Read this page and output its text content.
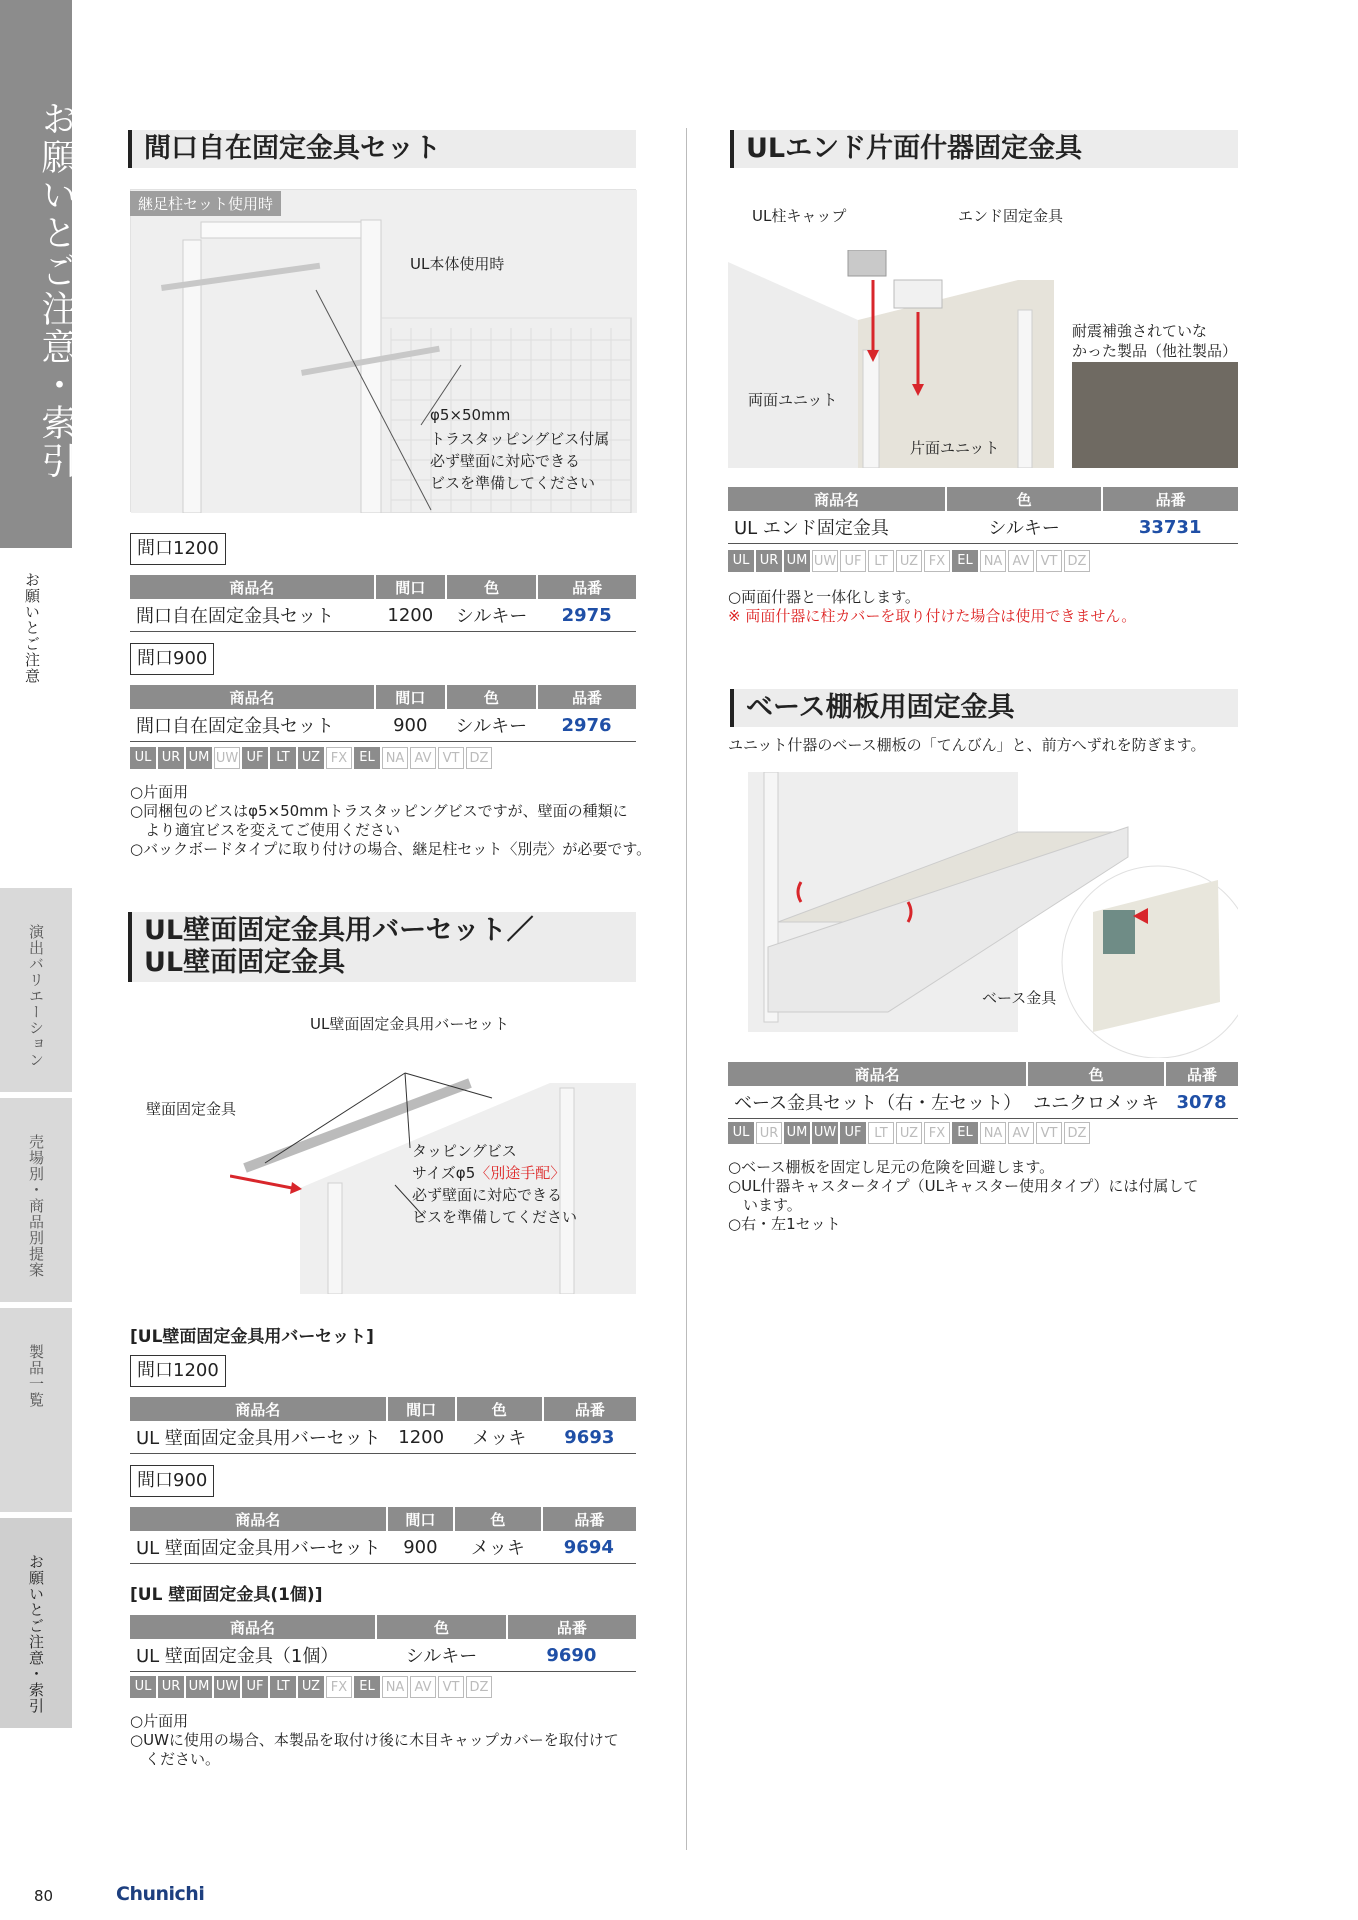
お願いとご注意・索引
お願いとご注意
演出バリエーション
売場別・商品別提案
製品一覧
お願いとご注意・索引
間口自在固定金具セット
継足柱セット使用時
UL本体使用時
φ5×50mm
トラスタッピングビス付属
必ず壁面に対応できる
ビスを準備してください
間口1200
商品名	間口	色	品番
間口自在固定金具セット	1200	シルキー	2975
間口900
商品名	間口	色	品番
間口自在固定金具セット	900	シルキー	2976
UL UR UM UW UF LT UZ FX EL NA AV VT DZ
○片面用
○同梱包のビスはφ5×50mmトラスタッピングビスですが、壁面の種類に
　より適宜ビスを変えてご使用ください
○バックボードタイプに取り付けの場合、継足柱セット〈別売〉が必要です。
UL壁面固定金具用バーセット／
UL壁面固定金具
UL壁面固定金具用バーセット
壁面固定金具
タッピングビス
サイズφ5〈別途手配〉
必ず壁面に対応できる
ビスを準備してください
[UL壁面固定金具用バーセット]
間口1200
商品名	間口	色	品番
UL 壁面固定金具用バーセット	1200	メッキ	9693
間口900
商品名	間口	色	品番
UL 壁面固定金具用バーセット	900	メッキ	9694
[UL 壁面固定金具(1個)]
商品名	色	品番
UL 壁面固定金具（1個）	シルキー	9690
UL UR UM UW UF LT UZ FX EL NA AV VT DZ
○片面用
○UWに使用の場合、本製品を取付け後に木目キャップカバーを取付けて
　ください。
ULエンド片面什器固定金具
UL柱キャップ	エンド固定金具
両面ユニット
片面ユニット
耐震補強されていな
かった製品（他社製品）
商品名	色	品番
UL エンド固定金具	シルキー	33731
UL UR UM UW UF LT UZ FX EL NA AV VT DZ
○両面什器と一体化します。
※ 両面什器に柱カバーを取り付けた場合は使用できません。
ベース棚板用固定金具
ユニット什器のベース棚板の「てんびん」と、前方へずれを防ぎます。
ベース金具
商品名	色	品番
ベース金具セット（右・左セット）	ユニクロメッキ	3078
UL UR UM UW UF LT UZ FX EL NA AV VT DZ
○ベース棚板を固定し足元の危険を回避します。
○UL什器キャスタータイプ（ULキャスター使用タイプ）には付属して
　います。
○右・左1セット
80	Chunichi
